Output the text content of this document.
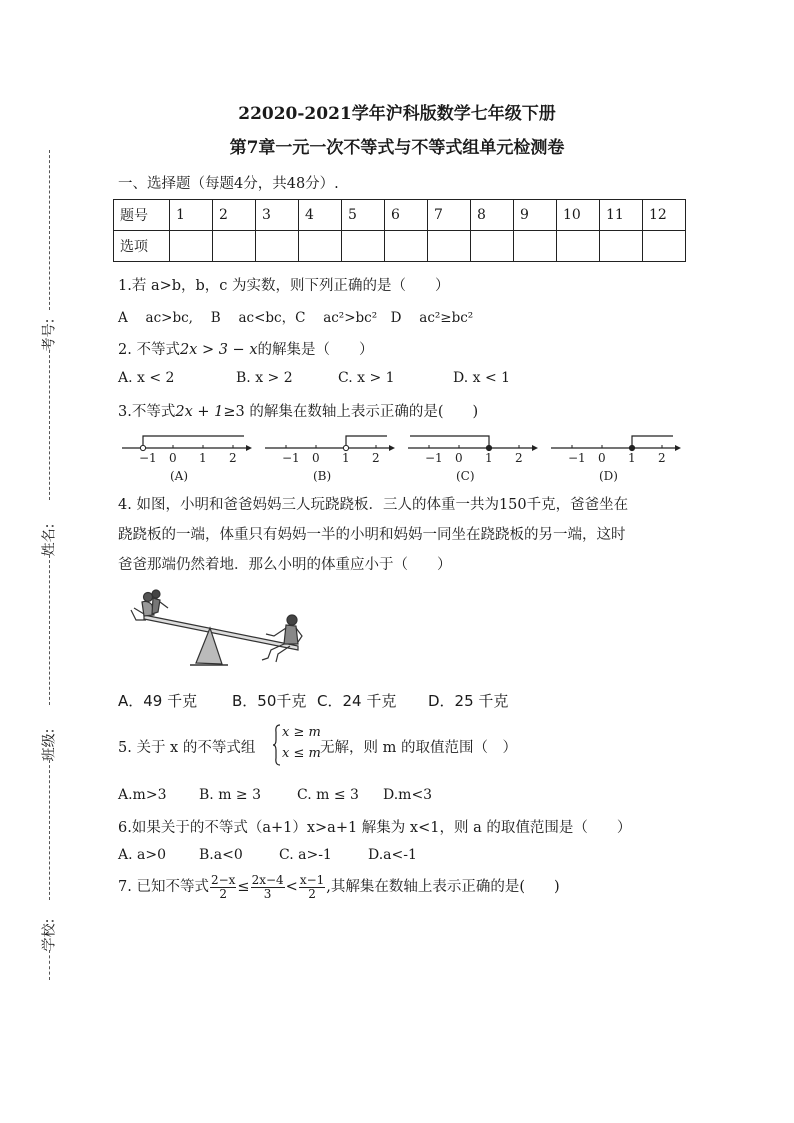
考号:
姓名:
班级:
学校:
22020-2021学年沪科版数学七年级下册
第7章一元一次不等式与不等式组单元检测卷
一、选择题（每题4分，共48分）.
题号	1	2	3	4	5	6	7	8	9	10	11	12
选项												
1.若 a>b，b，c 为实数，则下列正确的是（　　）
A　 ac>bc,　 B　 ac<bc，C　 ac²>bc²　D　 ac²≥bc²
2. 不等式2x > 3 − x的解集是（　　）
A. x < 2	B. x > 2	C. x > 1	D. x < 1
3.不等式2x + 1≥3 的解集在数轴上表示正确的是(　　)
−1 0 1 2
(A)
−1 0 1 2
(B)
−1 0 1 2
(C)
−1 0 1 2
(D)
4. 如图，小明和爸爸妈妈三人玩跷跷板．三人的体重一共为150千克，爸爸坐在
跷跷板的一端，体重只有妈妈一半的小明和妈妈一同坐在跷跷板的另一端，这时
爸爸那端仍然着地．那么小明的体重应小于（　　）
A．49 千克 B．50千克 C．24 千克 D．25 千克
5. 关于 x 的不等式组
x ≥ m
x ≤ m 无解，则 m 的取值范围（　）
A.m>3 B. m ≥ 3	C. m ≤ 3 D.m<3
6.如果关于的不等式（a+1）x>a+1 解集为 x<1，则 a 的取值范围是（　　）
A. a>0 B.a<0	C. a>-1	D.a<-1
7. 已知不等式 $\frac{2-x}{2} \le \frac{2x-4}{3} < \frac{x-1}{2}$ ,其解集在数轴上表示正确的是(　　)
